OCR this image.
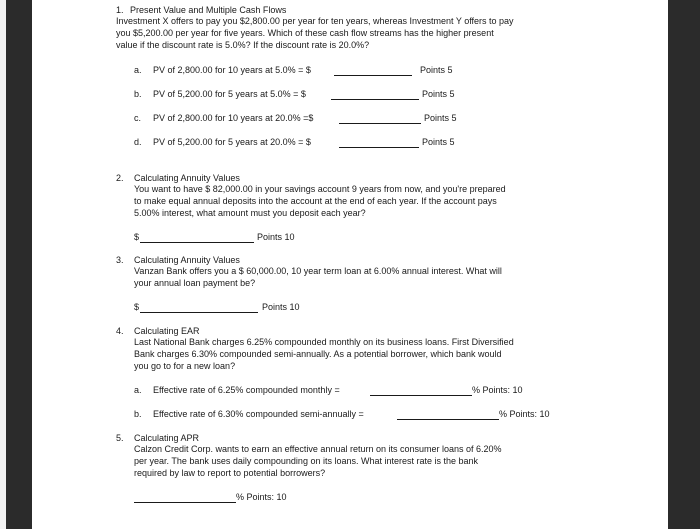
1. Present Value and Multiple Cash Flows
Investment X offers to pay you $2,800.00 per year for ten years, whereas Investment Y offers to pay
you $5,200.00 per year for five years. Which of these cash flow streams has the higher present
value if the discount rate is 5.0%? If the discount rate is 20.0%?
a. PV of 2,800.00 for 10 years at 5.0% = $	Points 5
b. PV of 5,200.00 for 5 years at 5.0% = $	Points 5
c. PV of 2,800.00 for 10 years at 20.0% =$	Points 5
d. PV of 5,200.00 for 5 years at 20.0% = $	Points 5
2. Calculating Annuity Values
You want to have $ 82,000.00 in your savings account 9 years from now, and you're prepared
to make equal annual deposits into the account at the end of each year. If the account pays
5.00% interest, what amount must you deposit each year?
$	Points 10
3. Calculating Annuity Values
Vanzan Bank offers you a $ 60,000.00, 10 year term loan at 6.00% annual interest. What will
your annual loan payment be?
$	Points 10
4. Calculating EAR
Last National Bank charges 6.25% compounded monthly on its business loans. First Diversified
Bank charges 6.30% compounded semi-annually. As a potential borrower, which bank would
you go to for a new loan?
a. Effective rate of 6.25% compounded monthly =	% Points: 10
b. Effective rate of 6.30% compounded semi-annually =	% Points: 10
5. Calculating APR
Calzon Credit Corp. wants to earn an effective annual return on its consumer loans of 6.20%
per year. The bank uses daily compounding on its loans. What interest rate is the bank
required by law to report to potential borrowers?
% Points: 10
